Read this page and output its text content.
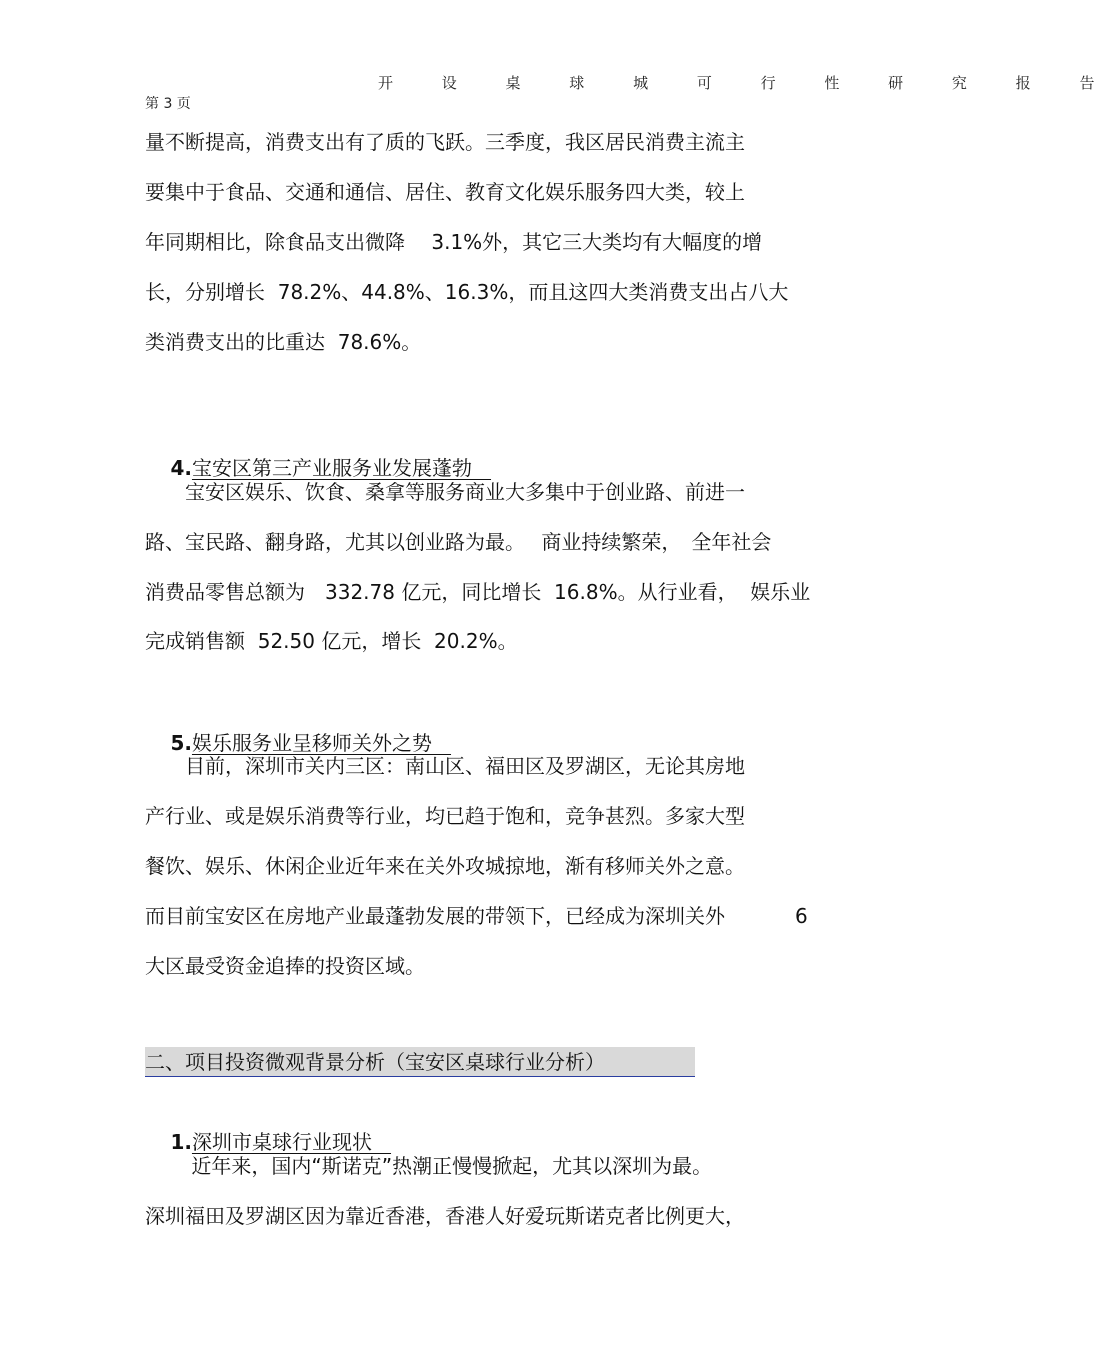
开 设 桌 球 城 可 行 性 研 究 报 告
第 3 页
量不断提高，消费支出有了质的飞跃。三季度，我区居民消费主流主
要集中于食品、交通和通信、居住、教育文化娱乐服务四大类，较上
年同期相比，除食品支出微降　 3.1%外，其它三大类均有大幅度的增
长，分别增长  78.2%、44.8%、16.3%，而且这四大类消费支出占八大
类消费支出的比重达  78.6%。

4.宝安区第三产业服务业发展蓬勃

　　宝安区娱乐、饮食、桑拿等服务商业大多集中于创业路、前进一
路、宝民路、翻身路，尤其以创业路为最。　 商业持续繁荣，　全年社会
消费品零售总额为　332.78 亿元，同比增长  16.8%。从行业看，  娱乐业
完成销售额  52.50 亿元，增长  20.2%。

5.娱乐服务业呈移师关外之势

　　目前，深圳市关内三区：南山区、福田区及罗湖区，无论其房地
产行业、或是娱乐消费等行业，均已趋于饱和，竞争甚烈。多家大型
餐饮、娱乐、休闲企业近年来在关外攻城掠地，渐有移师关外之意。
而目前宝安区在房地产业最蓬勃发展的带领下，已经成为深圳关外	6
大区最受资金追捧的投资区域。
二、项目投资微观背景分析（宝安区桌球行业分析）

1.深圳市桌球行业现状

　　 近年来，国内“斯诺克”热潮正慢慢掀起，尤其以深圳为最。
深圳福田及罗湖区因为靠近香港，香港人好爱玩斯诺克者比例更大，
